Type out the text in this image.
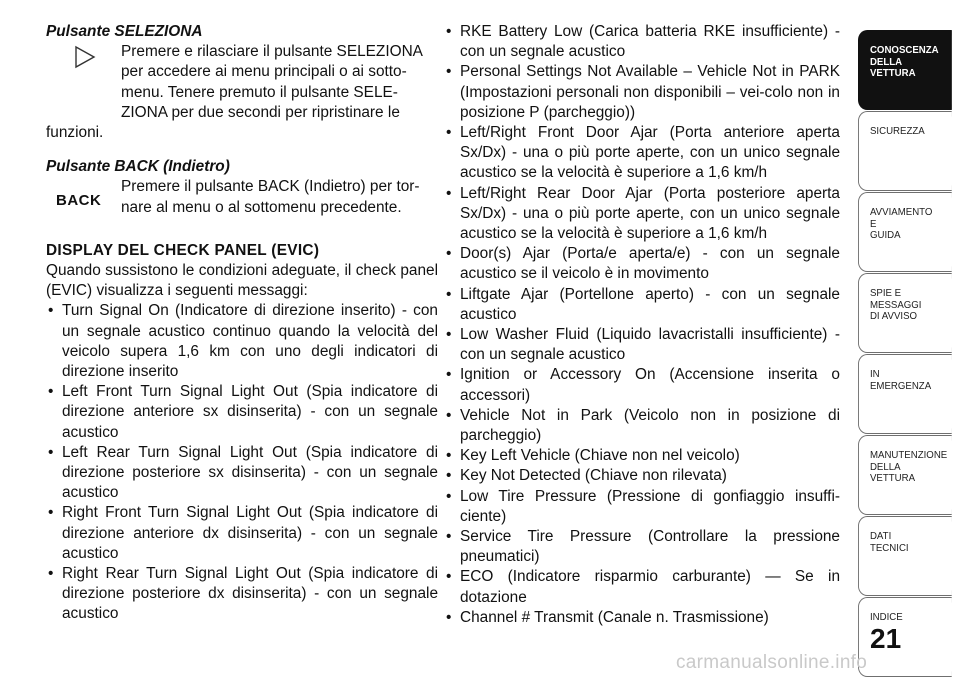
Pulsante SELEZIONA
Premere e rilasciare il pulsante SELEZIONA
per accedere ai menu principali o ai sotto-
menu. Tenere premuto il pulsante SELE-
ZIONA per due secondi per ripristinare le
funzioni.
Pulsante BACK (Indietro)
BACK
Premere il pulsante BACK (Indietro) per tor-
nare al menu o al sottomenu precedente.
DISPLAY DEL CHECK PANEL (EVIC)
Quando sussistono le condizioni adeguate, il check panel (EVIC) visualizza i seguenti messaggi:
• Turn Signal On (Indicatore di direzione inserito) - con un segnale acustico continuo quando la velocità del veicolo supera 1,6 km con uno degli indicatori di direzione inserito
• Left Front Turn Signal Light Out (Spia indicatore di direzione anteriore sx disinserita) - con un segnale acustico
• Left Rear Turn Signal Light Out (Spia indicatore di direzione posteriore sx disinserita) - con un segnale acustico
• Right Front Turn Signal Light Out (Spia indicatore di direzione anteriore dx disinserita) - con un segnale acustico
• Right Rear Turn Signal Light Out (Spia indicatore di direzione posteriore dx disinserita) - con un segnale acustico
• RKE Battery Low (Carica batteria RKE insufficiente) - con un segnale acustico
• Personal Settings Not Available – Vehicle Not in PARK (Impostazioni personali non disponibili – vei-colo non in posizione P (parcheggio))
• Left/Right Front Door Ajar (Porta anteriore aperta Sx/Dx) - una o più porte aperte, con un unico segnale acustico se la velocità è superiore a 1,6 km/h
• Left/Right Rear Door Ajar (Porta posteriore aperta Sx/Dx) - una o più porte aperte, con un unico segnale acustico se la velocità è superiore a 1,6 km/h
• Door(s) Ajar (Porta/e aperta/e) - con un segnale acustico se il veicolo è in movimento
• Liftgate Ajar (Portellone aperto) - con un segnale acustico
• Low Washer Fluid (Liquido lavacristalli insufficiente) - con un segnale acustico
• Ignition or Accessory On (Accensione inserita o accessori)
• Vehicle Not in Park (Veicolo non in posizione di parcheggio)
• Key Left Vehicle (Chiave non nel veicolo)
• Key Not Detected (Chiave non rilevata)
• Low Tire Pressure (Pressione di gonfiaggio insuffi-ciente)
• Service Tire Pressure (Controllare la pressione pneumatici)
• ECO (Indicatore risparmio carburante) — Se in dotazione
• Channel # Transmit (Canale n. Trasmissione)
CONOSCENZA
DELLA
VETTURA
SICUREZZA
AVVIAMENTO
E
GUIDA
SPIE E
MESSAGGI
DI AVVISO
IN
EMERGENZA
MANUTENZIONE
DELLA
VETTURA
DATI
TECNICI
INDICE
21
carmanualsonline.info
